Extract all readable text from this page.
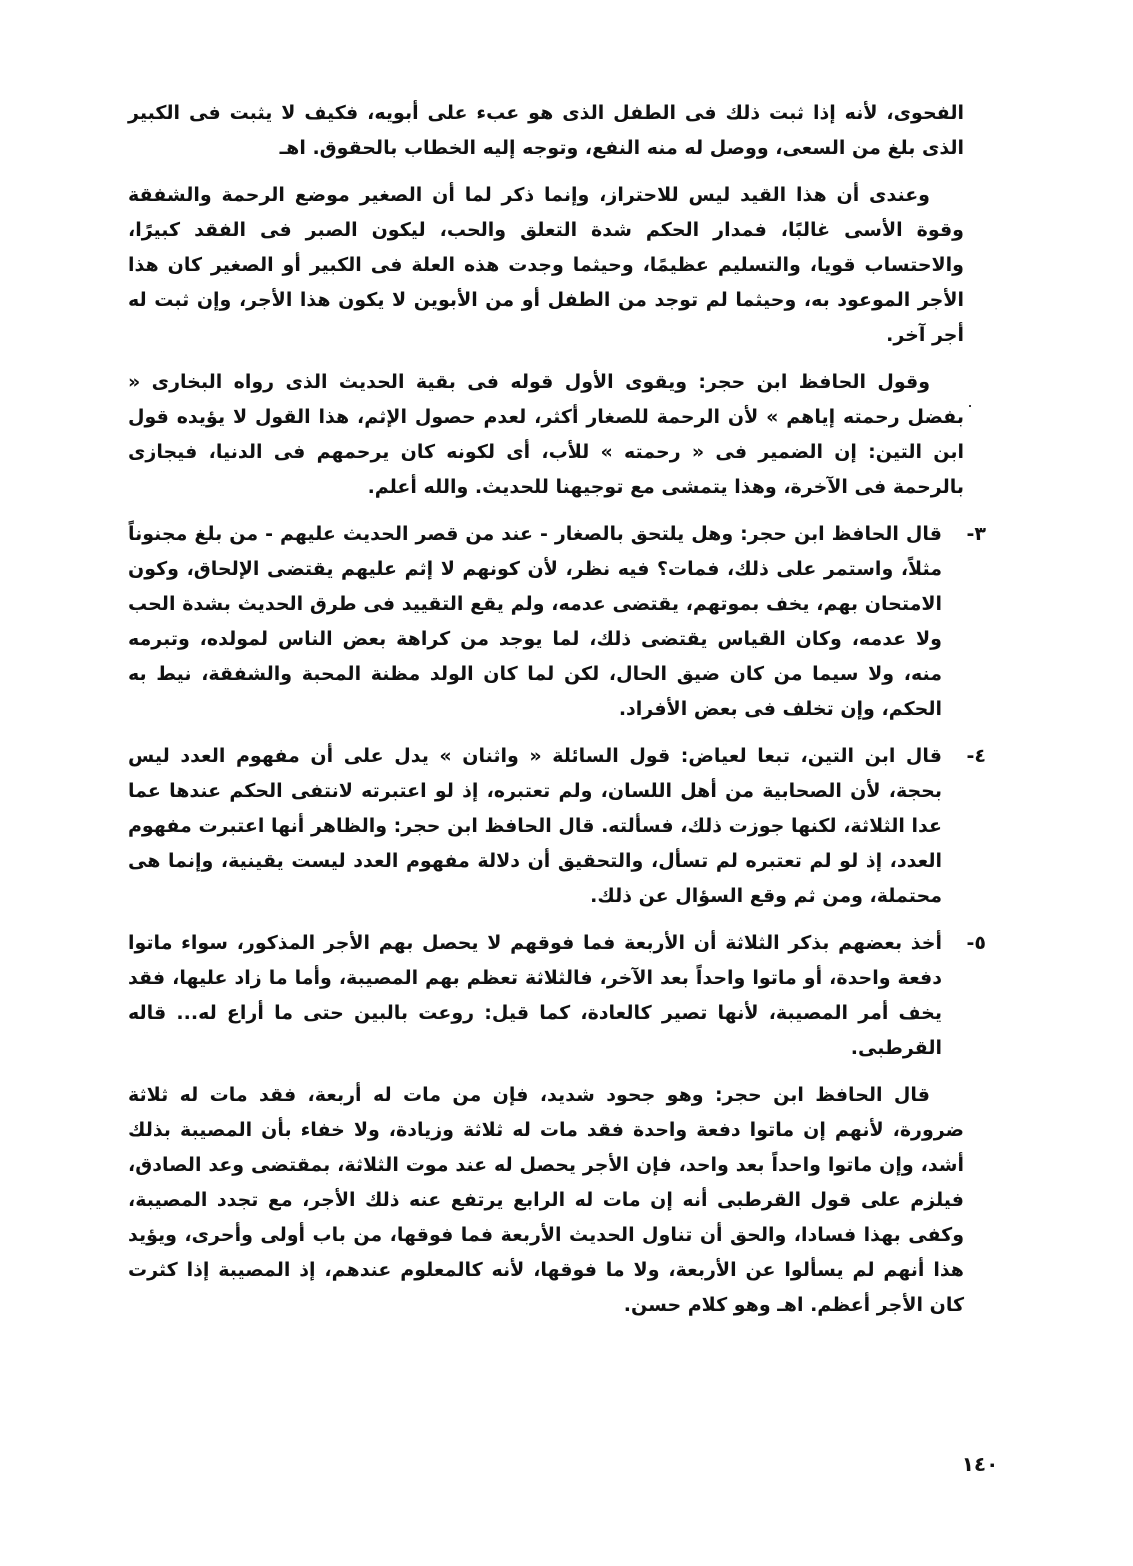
الفحوى، لأنه إذا ثبت ذلك فى الطفل الذى هو عبء على أبويه، فكيف لا يثبت فى الكبير الذى بلغ من السعى، ووصل له منه النفع، وتوجه إليه الخطاب بالحقوق. اهـ

وعندى أن هذا القيد ليس للاحتراز، وإنما ذكر لما أن الصغير موضع الرحمة والشفقة وقوة الأسى غالبًا، فمدار الحكم شدة التعلق والحب، ليكون الصبر فى الفقد كبيرًا، والاحتساب قويا، والتسليم عظيمًا، وحيثما وجدت هذه العلة فى الكبير أو الصغير كان هذا الأجر الموعود به، وحيثما لم توجد من الطفل أو من الأبوين لا يكون هذا الأجر، وإن ثبت له أجر آخر.

وقول الحافظ ابن حجر: ويقوى الأول قوله فى بقية الحديث الذى رواه البخارى « بفضل رحمته إياهم » لأن الرحمة للصغار أكثر، لعدم حصول الإثم، هذا القول لا يؤيده قول ابن التين: إن الضمير فى « رحمته » للأب، أى لكونه كان يرحمهم فى الدنيا، فيجازى بالرحمة فى الآخرة، وهذا يتمشى مع توجيهنا للحديث. والله أعلم.

٣-
قال الحافظ ابن حجر: وهل يلتحق بالصغار - عند من قصر الحديث عليهم - من بلغ مجنوناً مثلاً، واستمر على ذلك، فمات؟ فيه نظر، لأن كونهم لا إثم عليهم يقتضى الإلحاق، وكون الامتحان بهم، يخف بموتهم، يقتضى عدمه، ولم يقع التقييد فى طرق الحديث بشدة الحب ولا عدمه، وكان القياس يقتضى ذلك، لما يوجد من كراهة بعض الناس لمولده، وتبرمه منه، ولا سيما من كان ضيق الحال، لكن لما كان الولد مظنة المحبة والشفقة، نيط به الحكم، وإن تخلف فى بعض الأفراد.
٤-
قال ابن التين، تبعا لعياض: قول السائلة « واثنان » يدل على أن مفهوم العدد ليس بحجة، لأن الصحابية من أهل اللسان، ولم تعتبره، إذ لو اعتبرته لانتفى الحكم عندها عما عدا الثلاثة، لكنها جوزت ذلك، فسألته. قال الحافظ ابن حجر: والظاهر أنها اعتبرت مفهوم العدد، إذ لو لم تعتبره لم تسأل، والتحقيق أن دلالة مفهوم العدد ليست يقينية، وإنما هى محتملة، ومن ثم وقع السؤال عن ذلك.
٥-
أخذ بعضهم بذكر الثلاثة أن الأربعة فما فوقهم لا يحصل بهم الأجر المذكور، سواء ماتوا دفعة واحدة، أو ماتوا واحداً بعد الآخر، فالثلاثة تعظم بهم المصيبة، وأما ما زاد عليها، فقد يخف أمر المصيبة، لأنها تصير كالعادة، كما قيل: روعت بالبين حتى ما أراع له... قاله القرطبى.

قال الحافظ ابن حجر: وهو جحود شديد، فإن من مات له أربعة، فقد مات له ثلاثة ضرورة، لأنهم إن ماتوا دفعة واحدة فقد مات له ثلاثة وزيادة، ولا خفاء بأن المصيبة بذلك أشد، وإن ماتوا واحداً بعد واحد، فإن الأجر يحصل له عند موت الثلاثة، بمقتضى وعد الصادق، فيلزم على قول القرطبى أنه إن مات له الرابع يرتفع عنه ذلك الأجر، مع تجدد المصيبة، وكفى بهذا فسادا، والحق أن تناول الحديث الأربعة فما فوقها، من باب أولى وأحرى، ويؤيد هذا أنهم لم يسألوا عن الأربعة، ولا ما فوقها، لأنه كالمعلوم عندهم، إذ المصيبة إذا كثرت كان الأجر أعظم. اهـ وهو كلام حسن.

١٤٠
